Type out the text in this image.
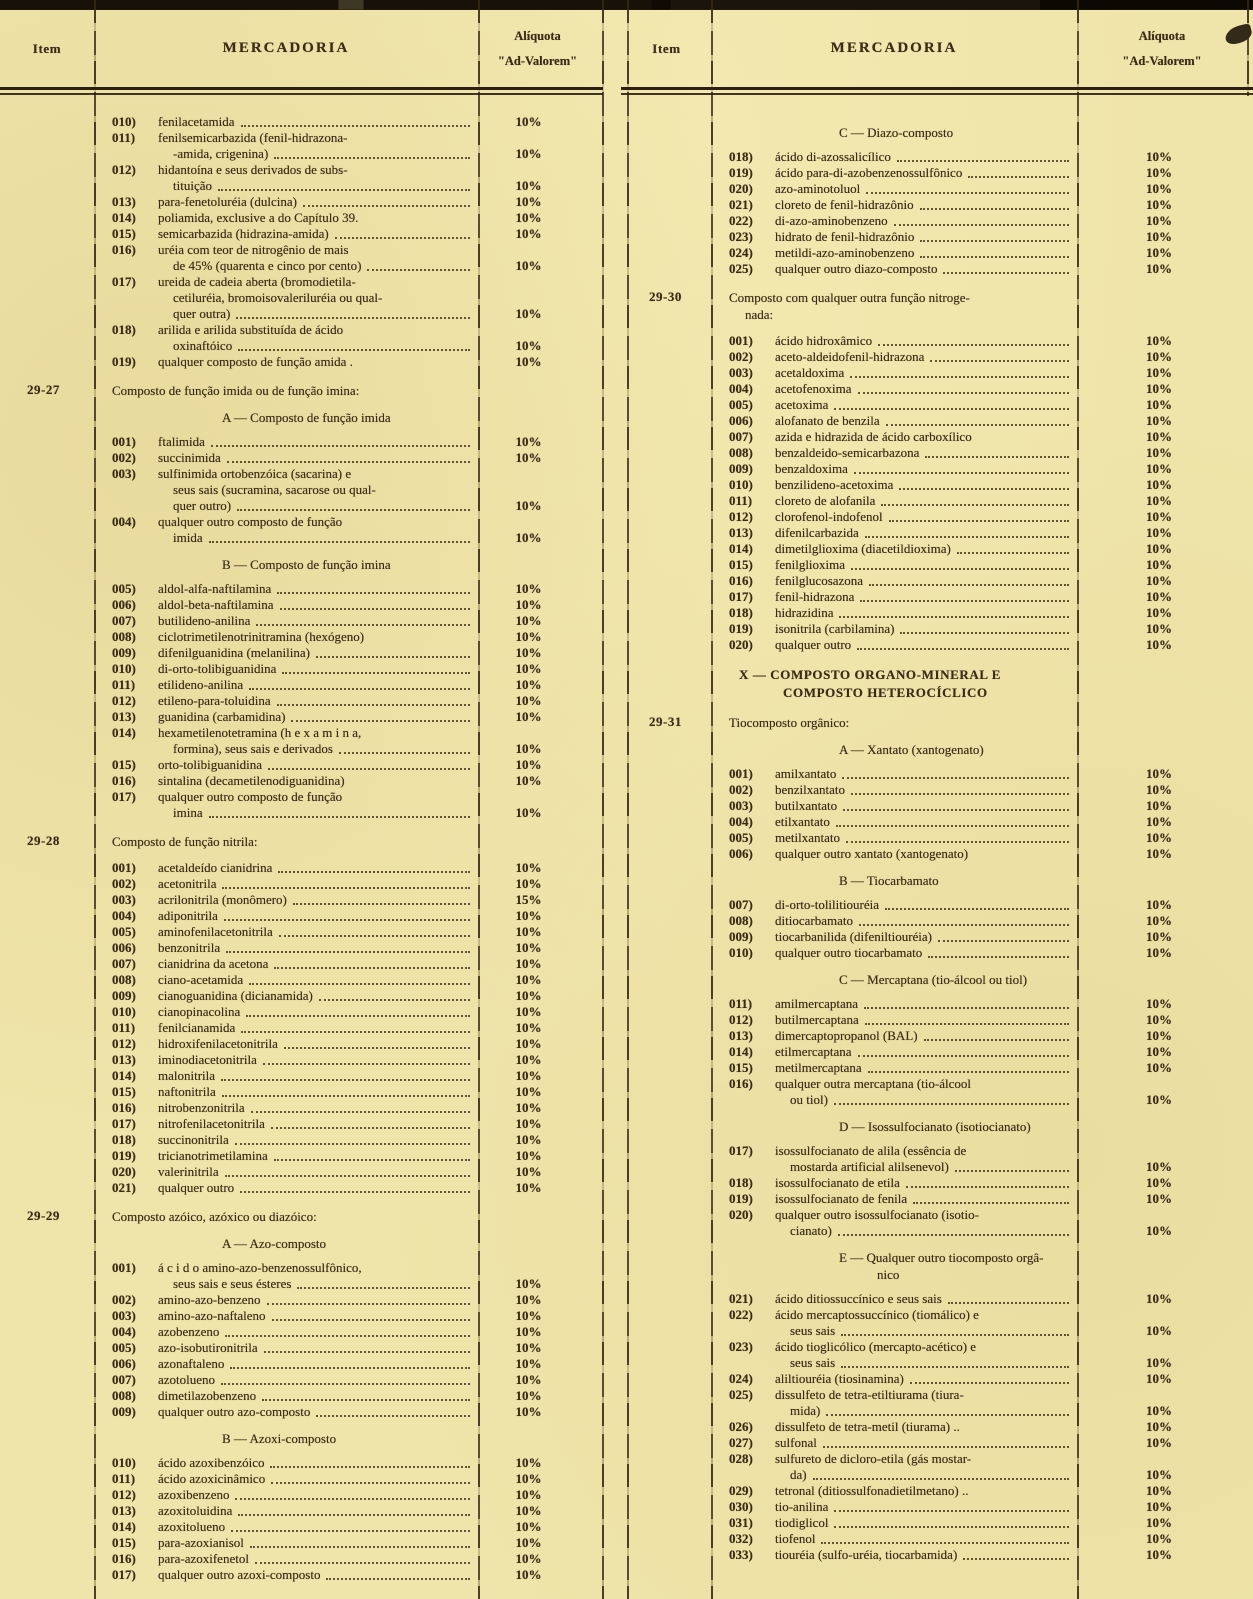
Item	MERCADORIA
Alíquota
"Ad-Valorem"
010)	fenilacetamida	10%
011)	fenilsemicarbazida (fenil-hidrazona-
-amida, crigenina)	10%
012)	hidantoína e seus derivados de subs-
tituição	10%
013)	para-fenetoluréia (dulcina)	10%
014)	poliamida, exclusive a do Capítulo 39.	10%
015)	semicarbazida (hidrazina-amida)	10%
016)	uréia com teor de nitrogênio de mais
de 45% (quarenta e cinco por cento)	10%
017)	ureida de cadeia aberta (bromodietila-
cetiluréia, bromoisovaleriluréia ou qual-
quer outra)	10%
018)	arilida e arilida substituída de ácido
oxinaftóico	10%
019)	qualquer composto de função amida .	10%
29-27	Composto de função imida ou de função imina:
A — Composto de função imida
001)	ftalimida	10%
002)	succinimida	10%
003)	sulfinimida ortobenzóica (sacarina) e
seus sais (sucramina, sacarose ou qual-
quer outro)	10%
004)	qualquer outro composto de função
imida	10%
B — Composto de função imina
005)	aldol-alfa-naftilamina	10%
006)	aldol-beta-naftilamina	10%
007)	butilideno-anilina	10%
008)	ciclotrimetilenotrinitramina (hexógeno)	10%
009)	difenilguanidina (melanilina)	10%
010)	di-orto-tolibiguanidina	10%
011)	etilideno-anilina	10%
012)	etileno-para-toluidina	10%
013)	guanidina (carbamidina)	10%
014)	hexametilenotetramina (h e x a m i n a,
formina), seus sais e derivados	10%
015)	orto-tolibiguanidina	10%
016)	sintalina (decametilenodiguanidina)	10%
017)	qualquer outro composto de função
imina	10%
29-28	Composto de função nitrila:
001)	acetaldeído cianidrina	10%
002)	acetonitrila	10%
003)	acrilonitrila (monômero)	15%
004)	adiponitrila	10%
005)	aminofenilacetonitrila	10%
006)	benzonitrila	10%
007)	cianidrina da acetona	10%
008)	ciano-acetamida	10%
009)	cianoguanidina (dicianamida)	10%
010)	cianopinacolina	10%
011)	fenilcianamida	10%
012)	hidroxifenilacetonitrila	10%
013)	iminodiacetonitrila	10%
014)	malonitrila	10%
015)	naftonitrila	10%
016)	nitrobenzonitrila	10%
017)	nitrofenilacetonitrila	10%
018)	succinonitrila	10%
019)	tricianotrimetilamina	10%
020)	valerinitrila	10%
021)	qualquer outro	10%
29-29	Composto azóico, azóxico ou diazóico:
A — Azo-composto
001)	á c i d o amino-azo-benzenossulfônico,
seus sais e seus ésteres	10%
002)	amino-azo-benzeno	10%
003)	amino-azo-naftaleno	10%
004)	azobenzeno	10%
005)	azo-isobutironitrila	10%
006)	azonaftaleno	10%
007)	azotolueno	10%
008)	dimetilazobenzeno	10%
009)	qualquer outro azo-composto	10%
B — Azoxi-composto
010)	ácido azoxibenzóico	10%
011)	ácido azoxicinâmico	10%
012)	azoxibenzeno	10%
013)	azoxitoluidina	10%
014)	azoxitolueno	10%
015)	para-azoxianisol	10%
016)	para-azoxifenetol	10%
017)	qualquer outro azoxi-composto	10%
Item	MERCADORIA
Alíquota
"Ad-Valorem"
C — Diazo-composto
018)	ácido di-azossalicílico	10%
019)	ácido para-di-azobenzenossulfônico	10%
020)	azo-aminotoluol	10%
021)	cloreto de fenil-hidrazônio	10%
022)	di-azo-aminobenzeno	10%
023)	hidrato de fenil-hidrazônio	10%
024)	metildi-azo-aminobenzeno	10%
025)	qualquer outro diazo-composto	10%
29-30	Composto com qualquer outra função nitroge-
nada:
001)	ácido hidroxâmico	10%
002)	aceto-aldeidofenil-hidrazona	10%
003)	acetaldoxima	10%
004)	acetofenoxima	10%
005)	acetoxima	10%
006)	alofanato de benzila	10%
007)	azida e hidrazida de ácido carboxílico	10%
008)	benzaldeido-semicarbazona	10%
009)	benzaldoxima	10%
010)	benzilideno-acetoxima	10%
011)	cloreto de alofanila	10%
012)	clorofenol-indofenol	10%
013)	difenilcarbazida	10%
014)	dimetilglioxima (diacetildioxima)	10%
015)	fenilglioxima	10%
016)	fenilglucosazona	10%
017)	fenil-hidrazona	10%
018)	hidrazidina	10%
019)	isonitrila (carbilamina)	10%
020)	qualquer outro	10%
X — COMPOSTO ORGANO-MINERAL E
COMPOSTO HETEROCÍCLICO
29-31	Tiocomposto orgânico:
A — Xantato (xantogenato)
001)	amilxantato	10%
002)	benzilxantato	10%
003)	butilxantato	10%
004)	etilxantato	10%
005)	metilxantato	10%
006)	qualquer outro xantato (xantogenato)	10%
B — Tiocarbamato
007)	di-orto-tolilitiouréia	10%
008)	ditiocarbamato	10%
009)	tiocarbanilida (difeniltiouréia)	10%
010)	qualquer outro tiocarbamato	10%
C — Mercaptana (tio-álcool ou tiol)
011)	amilmercaptana	10%
012)	butilmercaptana	10%
013)	dimercaptopropanol (BAL)	10%
014)	etilmercaptana	10%
015)	metilmercaptana	10%
016)	qualquer outra mercaptana (tio-álcool
ou tiol)	10%
D — Isossulfocianato (isotiocianato)
017)	isossulfocianato de alila (essência de
mostarda artificial alilsenevol)	10%
018)	isossulfocianato de etila	10%
019)	isossulfocianato de fenila	10%
020)	qualquer outro isossulfocianato (isotio-
cianato)	10%
E — Qualquer outro tiocomposto orgâ-
nico
021)	ácido ditiossuccínico e seus sais	10%
022)	ácido mercaptossuccínico (tiomálico) e
seus sais	10%
023)	ácido tioglicólico (mercapto-acético) e
seus sais	10%
024)	aliltiouréia (tiosinamina)	10%
025)	dissulfeto de tetra-etiltiurama (tiura-
mida)	10%
026)	dissulfeto de tetra-metil (tiurama) ..	10%
027)	sulfonal	10%
028)	sulfureto de dicloro-etila (gás mostar-
da)	10%
029)	tetronal (ditiossulfonadietilmetano) ..	10%
030)	tio-anilina	10%
031)	tiodiglicol	10%
032)	tiofenol	10%
033)	tiouréia (sulfo-uréia, tiocarbamida)	10%
